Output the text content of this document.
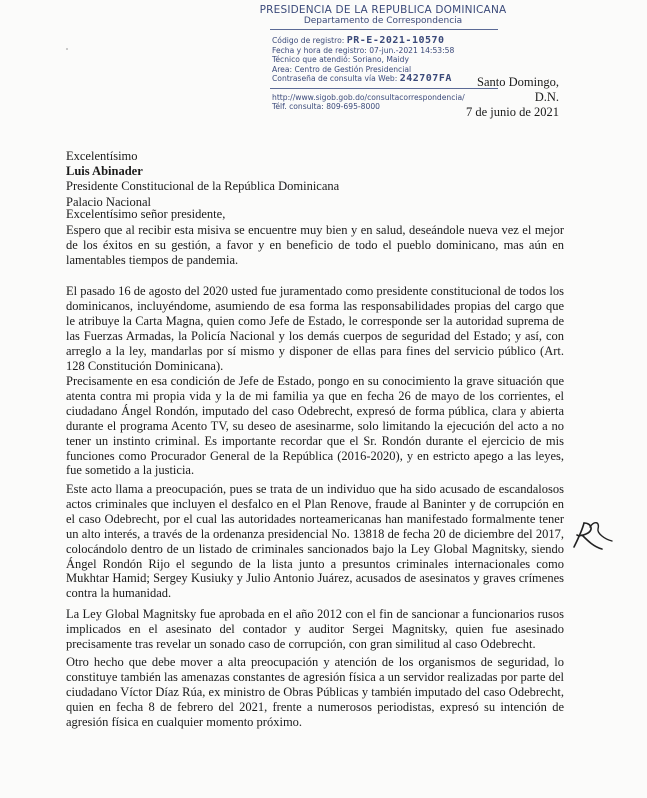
PRESIDENCIA DE LA REPUBLICA DOMINICANA
Departamento de Correspondencia
Código de registro: PR-E-2021-10570
Fecha y hora de registro: 07-jun.-2021 14:53:58
Técnico que atendió: Soriano, Maidy
Area: Centro de Gestión Presidencial
Contraseña de consulta vía Web: 242707FA
http://www.sigob.gob.do/consultacorrespondencia/
Télf. consulta: 809-695-8000
Santo Domingo, D.N.
7 de junio de 2021
Excelentísimo
Luis Abinader
Presidente Constitucional de la República Dominicana
Palacio Nacional
Excelentísimo señor presidente,

Espero que al recibir esta misiva se encuentre muy bien y en salud, deseándole nueva vez el mejor de los éxitos en su gestión, a favor y en beneficio de todo el pueblo dominicano, mas aún en lamentables tiempos de pandemia.

El pasado 16 de agosto del 2020 usted fue juramentado como presidente constitucional de todos los dominicanos, incluyéndome, asumiendo de esa forma las responsabilidades propias del cargo que le atribuye la Carta Magna, quien como Jefe de Estado, le corresponde ser la autoridad suprema de las Fuerzas Armadas, la Policía Nacional y los demás cuerpos de seguridad del Estado; y así, con arreglo a la ley, mandarlas por sí mismo y disponer de ellas para fines del servicio público (Art. 128 Constitución Dominicana).

Precisamente en esa condición de Jefe de Estado, pongo en su conocimiento la grave situación que atenta contra mi propia vida y la de mi familia ya que en fecha 26 de mayo de los corrientes, el ciudadano Ángel Rondón, imputado del caso Odebrecht, expresó de forma pública, clara y abierta durante el programa Acento TV, su deseo de asesinarme, solo limitando la ejecución del acto a no tener un instinto criminal. Es importante recordar que el Sr. Rondón durante el ejercicio de mis funciones como Procurador General de la República (2016-2020), y en estricto apego a las leyes, fue sometido a la justicia.

Este acto llama a preocupación, pues se trata de un individuo que ha sido acusado de escandalosos actos criminales que incluyen el desfalco en el Plan Renove, fraude al Baninter y de corrupción en el caso Odebrecht, por el cual las autoridades norteamericanas han manifestado formalmente tener un alto interés, a través de la ordenanza presidencial No. 13818 de fecha 20 de diciembre del 2017, colocándolo dentro de un listado de criminales sancionados bajo la Ley Global Magnitsky, siendo Ángel Rondón Rijo el segundo de la lista junto a presuntos criminales internacionales como Mukhtar Hamid; Sergey Kusiuky y Julio Antonio Juárez, acusados de asesinatos y graves crímenes contra la humanidad.

La Ley Global Magnitsky fue aprobada en el año 2012 con el fin de sancionar a funcionarios rusos implicados en el asesinato del contador y auditor Sergei Magnitsky, quien fue asesinado precisamente tras revelar un sonado caso de corrupción, con gran similitud al caso Odebrecht.

Otro hecho que debe mover a alta preocupación y atención de los organismos de seguridad, lo constituye también las amenazas constantes de agresión física a un servidor realizadas por parte del ciudadano Víctor Díaz Rúa, ex ministro de Obras Públicas y también imputado del caso Odebrecht, quien en fecha 8 de febrero del 2021, frente a numerosos periodistas, expresó su intención de agresión física en cualquier momento próximo.
